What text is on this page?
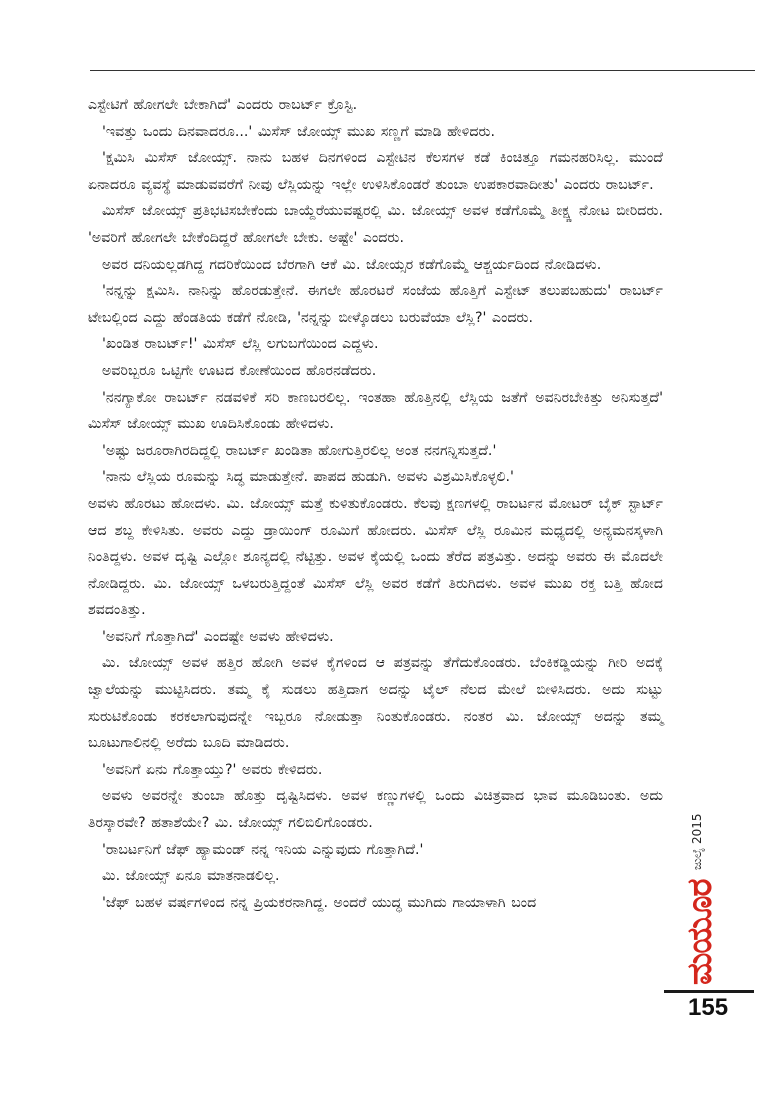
ಎಸ್ಟೇಟಿಗೆ ಹೋಗಲೇ ಬೇಕಾಗಿದೆ' ಎಂದರು ರಾಬರ್ಟ್ ಕ್ರೊಸ್ಟಿ.

'ಇವತ್ತು ಒಂದು ದಿನವಾದರೂ...' ಮಿಸೆಸ್ ಜೋಯ್ಸ್ ಮುಖ ಸಣ್ಣಗೆ ಮಾಡಿ ಹೇಳಿದರು.

'ಕ್ಷಮಿಸಿ ಮಿಸೆಸ್ ಜೋಯ್ಸ್. ನಾನು ಬಹಳ ದಿನಗಳಿಂದ ಎಸ್ಟೇಟಿನ ಕೆಲಸಗಳ ಕಡೆ ಕಿಂಚಿತ್ತೂ ಗಮನಹರಿಸಿಲ್ಲ. ಮುಂದೆ ಏನಾದರೂ ವ್ಯವಸ್ಥೆ ಮಾಡುವವರೆಗೆ ನೀವು ಲೆಸ್ಲಿಯನ್ನು ಇಲ್ಲೇ ಉಳಿಸಿಕೊಂಡರೆ ತುಂಬಾ ಉಪಕಾರವಾದೀತು' ಎಂದರು ರಾಬರ್ಟ್.

ಮಿಸೆಸ್ ಜೋಯ್ಸ್ ಪ್ರತಿಭಟಿಸಬೇಕೆಂದು ಬಾಯ್ದೆರೆಯುವಷ್ಟರಲ್ಲಿ ಮಿ. ಜೋಯ್ಸ್ ಅವಳ ಕಡೆಗೊಮ್ಮೆ ತೀಕ್ಷ್ಣ ನೋಟ ಬೀರಿದರು. 'ಅವರಿಗೆ ಹೋಗಲೇ ಬೇಕೆಂದಿದ್ದರೆ ಹೋಗಲೇ ಬೇಕು. ಅಷ್ಟೇ' ಎಂದರು.

ಅವರ ದನಿಯಲ್ಲಡಗಿದ್ದ ಗದರಿಕೆಯಿಂದ ಬೆರಗಾಗಿ ಆಕೆ ಮಿ. ಜೋಯ್ಸರ ಕಡೆಗೊಮ್ಮೆ ಆಶ್ಚರ್ಯದಿಂದ ನೋಡಿದಳು.

'ನನ್ನನ್ನು ಕ್ಷಮಿಸಿ. ನಾನಿನ್ನು ಹೊರಡುತ್ತೇನೆ. ಈಗಲೇ ಹೊರಟರೆ ಸಂಜೆಯ ಹೊತ್ತಿಗೆ ಎಸ್ಟೇಟ್ ತಲುಪಬಹುದು' ರಾಬರ್ಟ್ ಟೇಬಲ್ಲಿಂದ ಎದ್ದು ಹೆಂಡತಿಯ ಕಡೆಗೆ ನೋಡಿ, 'ನನ್ನನ್ನು ಬೀಳ್ಕೊಡಲು ಬರುವೆಯಾ ಲೆಸ್ಲಿ?' ಎಂದರು.

'ಖಂಡಿತ ರಾಬರ್ಟ್!' ಮಿಸೆಸ್ ಲೆಸ್ಲಿ ಲಗುಬಗೆಯಿಂದ ಎದ್ದಳು.

ಅವರಿಬ್ಬರೂ ಒಟ್ಟಿಗೇ ಊಟದ ಕೋಣೆಯಿಂದ ಹೊರನಡೆದರು.

'ನನಗ್ಯಾಕೋ ರಾಬರ್ಟ್ ನಡವಳಿಕೆ ಸರಿ ಕಾಣಬರಲಿಲ್ಲ. ಇಂತಹಾ ಹೊತ್ತಿನಲ್ಲಿ ಲೆಸ್ಲಿಯ ಜತೆಗೆ ಅವನಿರಬೇಕಿತ್ತು ಅನಿಸುತ್ತದೆ' ಮಿಸೆಸ್ ಜೋಯ್ಸ್ ಮುಖ ಊದಿಸಿಕೊಂಡು ಹೇಳಿದಳು.

'ಅಷ್ಟು ಜರೂರಾಗಿರದಿದ್ದಲ್ಲಿ ರಾಬರ್ಟ್ ಖಂಡಿತಾ ಹೋಗುತ್ತಿರಲಿಲ್ಲ ಅಂತ ನನಗನ್ನಿಸುತ್ತದೆ.'

'ನಾನು ಲೆಸ್ಲಿಯ ರೂಮನ್ನು ಸಿದ್ಧ ಮಾಡುತ್ತೇನೆ. ಪಾಪದ ಹುಡುಗಿ. ಅವಳು ವಿಶ್ರಮಿಸಿಕೊಳ್ಳಲಿ.'

ಅವಳು ಹೊರಟು ಹೋದಳು. ಮಿ. ಜೋಯ್ಸ್ ಮತ್ತೆ ಕುಳಿತುಕೊಂಡರು. ಕೆಲವು ಕ್ಷಣಗಳಲ್ಲಿ ರಾಬರ್ಟನ ಮೋಟರ್ ಬೈಕ್ ಸ್ಟಾರ್ಟ್ ಆದ ಶಬ್ದ ಕೇಳಿಸಿತು. ಅವರು ಎದ್ದು ಡ್ರಾಯಿಂಗ್ ರೂಮಿಗೆ ಹೋದರು. ಮಿಸೆಸ್ ಲೆಸ್ಲಿ ರೂಮಿನ ಮಧ್ಯದಲ್ಲಿ ಅನ್ಯಮನಸ್ಕಳಾಗಿ ನಿಂತಿದ್ದಳು. ಅವಳ ದೃಷ್ಟಿ ಎಲ್ಲೋ ಶೂನ್ಯದಲ್ಲಿ ನೆಟ್ಟಿತ್ತು. ಅವಳ ಕೈಯಲ್ಲಿ ಒಂದು ತೆರೆದ ಪತ್ರವಿತ್ತು. ಅದನ್ನು ಅವರು ಈ ಮೊದಲೇ ನೋಡಿದ್ದರು. ಮಿ. ಜೋಯ್ಸ್ ಒಳಬರುತ್ತಿದ್ದಂತೆ ಮಿಸೆಸ್ ಲೆಸ್ಲಿ ಅವರ ಕಡೆಗೆ ತಿರುಗಿದಳು. ಅವಳ ಮುಖ ರಕ್ತ ಬತ್ತಿ ಹೋದ ಶವದಂತಿತ್ತು.

'ಅವನಿಗೆ ಗೊತ್ತಾಗಿದೆ' ಎಂದಷ್ಟೇ ಅವಳು ಹೇಳಿದಳು.

ಮಿ. ಜೋಯ್ಸ್ ಅವಳ ಹತ್ತಿರ ಹೋಗಿ ಅವಳ ಕೈಗಳಿಂದ ಆ ಪತ್ರವನ್ನು ತೆಗೆದುಕೊಂಡರು. ಬೆಂಕಿಕಡ್ಡಿಯನ್ನು ಗೀರಿ ಅದಕ್ಕೆ ಜ್ವಾಲೆಯನ್ನು ಮುಟ್ಟಿಸಿದರು. ತಮ್ಮ ಕೈ ಸುಡಲು ಹತ್ತಿದಾಗ ಅದನ್ನು ಟೈಲ್ ನೆಲದ ಮೇಲೆ ಬೀಳಿಸಿದರು. ಅದು ಸುಟ್ಟು ಸುರುಟಿಕೊಂಡು ಕರಕಲಾಗುವುದನ್ನೇ ಇಬ್ಬರೂ ನೋಡುತ್ತಾ ನಿಂತುಕೊಂಡರು. ನಂತರ ಮಿ. ಜೋಯ್ಸ್ ಅದನ್ನು ತಮ್ಮ ಬೂಟುಗಾಲಿನಲ್ಲಿ ಅರೆದು ಬೂದಿ ಮಾಡಿದರು.

'ಅವನಿಗೆ ಏನು ಗೊತ್ತಾಯ್ತು?' ಅವರು ಕೇಳಿದರು.

ಅವಳು ಅವರನ್ನೇ ತುಂಬಾ ಹೊತ್ತು ದೃಷ್ಟಿಸಿದಳು. ಅವಳ ಕಣ್ಣುಗಳಲ್ಲಿ ಒಂದು ವಿಚಿತ್ರವಾದ ಭಾವ ಮೂಡಿಬಂತು. ಅದು ತಿರಸ್ಕಾರವೇ? ಹತಾಶೆಯೇ? ಮಿ. ಜೋಯ್ಸ್ ಗಲಿಬಿಲಿಗೊಂಡರು.

'ರಾಬರ್ಟನಿಗೆ ಜೆಫ್ ಹ್ಯಾಮಂಡ್ ನನ್ನ ಇನಿಯ ಎನ್ನುವುದು ಗೊತ್ತಾಗಿದೆ.'

ಮಿ. ಜೋಯ್ಸ್ ಏನೂ ಮಾತನಾಡಲಿಲ್ಲ.

'ಜೆಫ್ ಬಹಳ ವರ್ಷಗಳಿಂದ ನನ್ನ ಪ್ರಿಯಕರನಾಗಿದ್ದ. ಅಂದರೆ ಯುದ್ಧ ಮುಗಿದು ಗಾಯಾಳಾಗಿ ಬಂದ

ಜುಲೈ 2015
ಮಯೂರ
155
